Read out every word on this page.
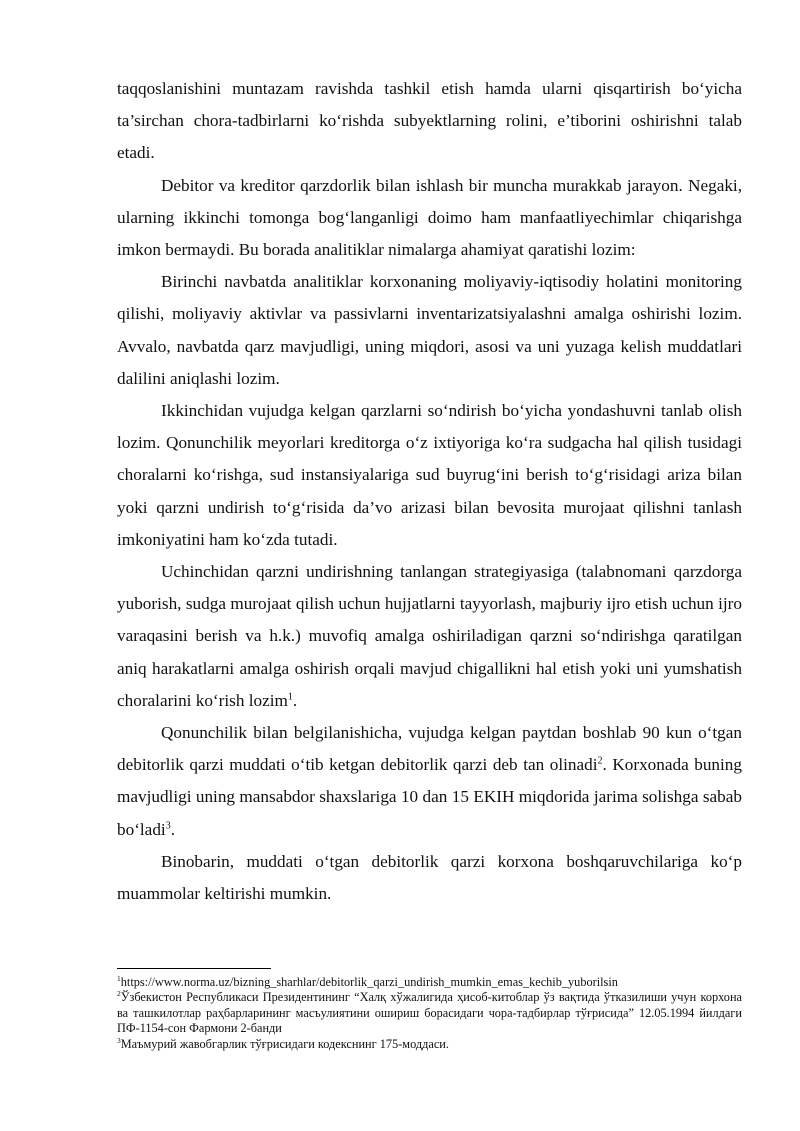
taqqoslanishini muntazam ravishda tashkil etish hamda ularni qisqartirish bo‘yicha ta’sirchan chora-tadbirlarni ko‘rishda subyektlarning rolini, e’tiborini oshirishni talab etadi.

Debitor va kreditor qarzdorlik bilan ishlash bir muncha murakkab jarayon. Negaki, ularning ikkinchi tomonga bog‘langanligi doimo ham manfaatliyechimlar chiqarishga imkon bermaydi. Bu borada analitiklar nimalarga ahamiyat qaratishi lozim:

Birinchi navbatda analitiklar korxonaning moliyaviy-iqtisodiy holatini monitoring qilishi, moliyaviy aktivlar va passivlarni inventarizatsiyalashni amalga oshirishi lozim. Avvalo, navbatda qarz mavjudligi, uning miqdori, asosi va uni yuzaga kelish muddatlari dalilini aniqlashi lozim.

Ikkinchidan vujudga kelgan qarzlarni so‘ndirish bo‘yicha yondashuvni tanlab olish lozim. Qonunchilik meyorlari kreditorga o‘z ixtiyoriga ko‘ra sudgacha hal qilish tusidagi choralarni ko‘rishga, sud instansiyalariga sud buyrug‘ini berish to‘g‘risidagi ariza bilan yoki qarzni undirish to‘g‘risida da’vo arizasi bilan bevosita murojaat qilishni tanlash imkoniyatini ham ko‘zda tutadi.

Uchinchidan qarzni undirishning tanlangan strategiyasiga (talabnomani qarzdorga yuborish, sudga murojaat qilish uchun hujjatlarni tayyorlash, majburiy ijro etish uchun ijro varaqasini berish va h.k.) muvofiq amalga oshiriladigan qarzni so‘ndirishga qaratilgan aniq harakatlarni amalga oshirish orqali mavjud chigallikni hal etish yoki uni yumshatish choralarini ko‘rish lozim$^1$.

Qonunchilik bilan belgilanishicha, vujudga kelgan paytdan boshlab 90 kun o‘tgan debitorlik qarzi muddati o‘tib ketgan debitorlik qarzi deb tan olinadi$^2$. Korxonada buning mavjudligi uning mansabdor shaxslariga 10 dan 15 EKIH miqdorida jarima solishga sabab bo‘ladi$^3$.

Binobarin, muddati o‘tgan debitorlik qarzi korxona boshqaruvchilariga ko‘p muammolar keltirishi mumkin.

$^1$https://www.norma.uz/bizning_sharhlar/debitorlik_qarzi_undirish_mumkin_emas_kechib_yuborilsin

$^2$Ўзбекистон Республикаси Президентининг “Халқ хўжалигида ҳисоб-китоблар ўз вақтида ўтказилиши учун корхона ва ташкилотлар раҳбарларининг масъулиятини ошириш борасидаги чора-тадбирлар тўғрисида” 12.05.1994 йилдаги ПФ-1154-сон Фармони 2-банди

$^3$Маъмурий жавобгарлик тўғрисидаги кодекснинг 175-моддаси.
